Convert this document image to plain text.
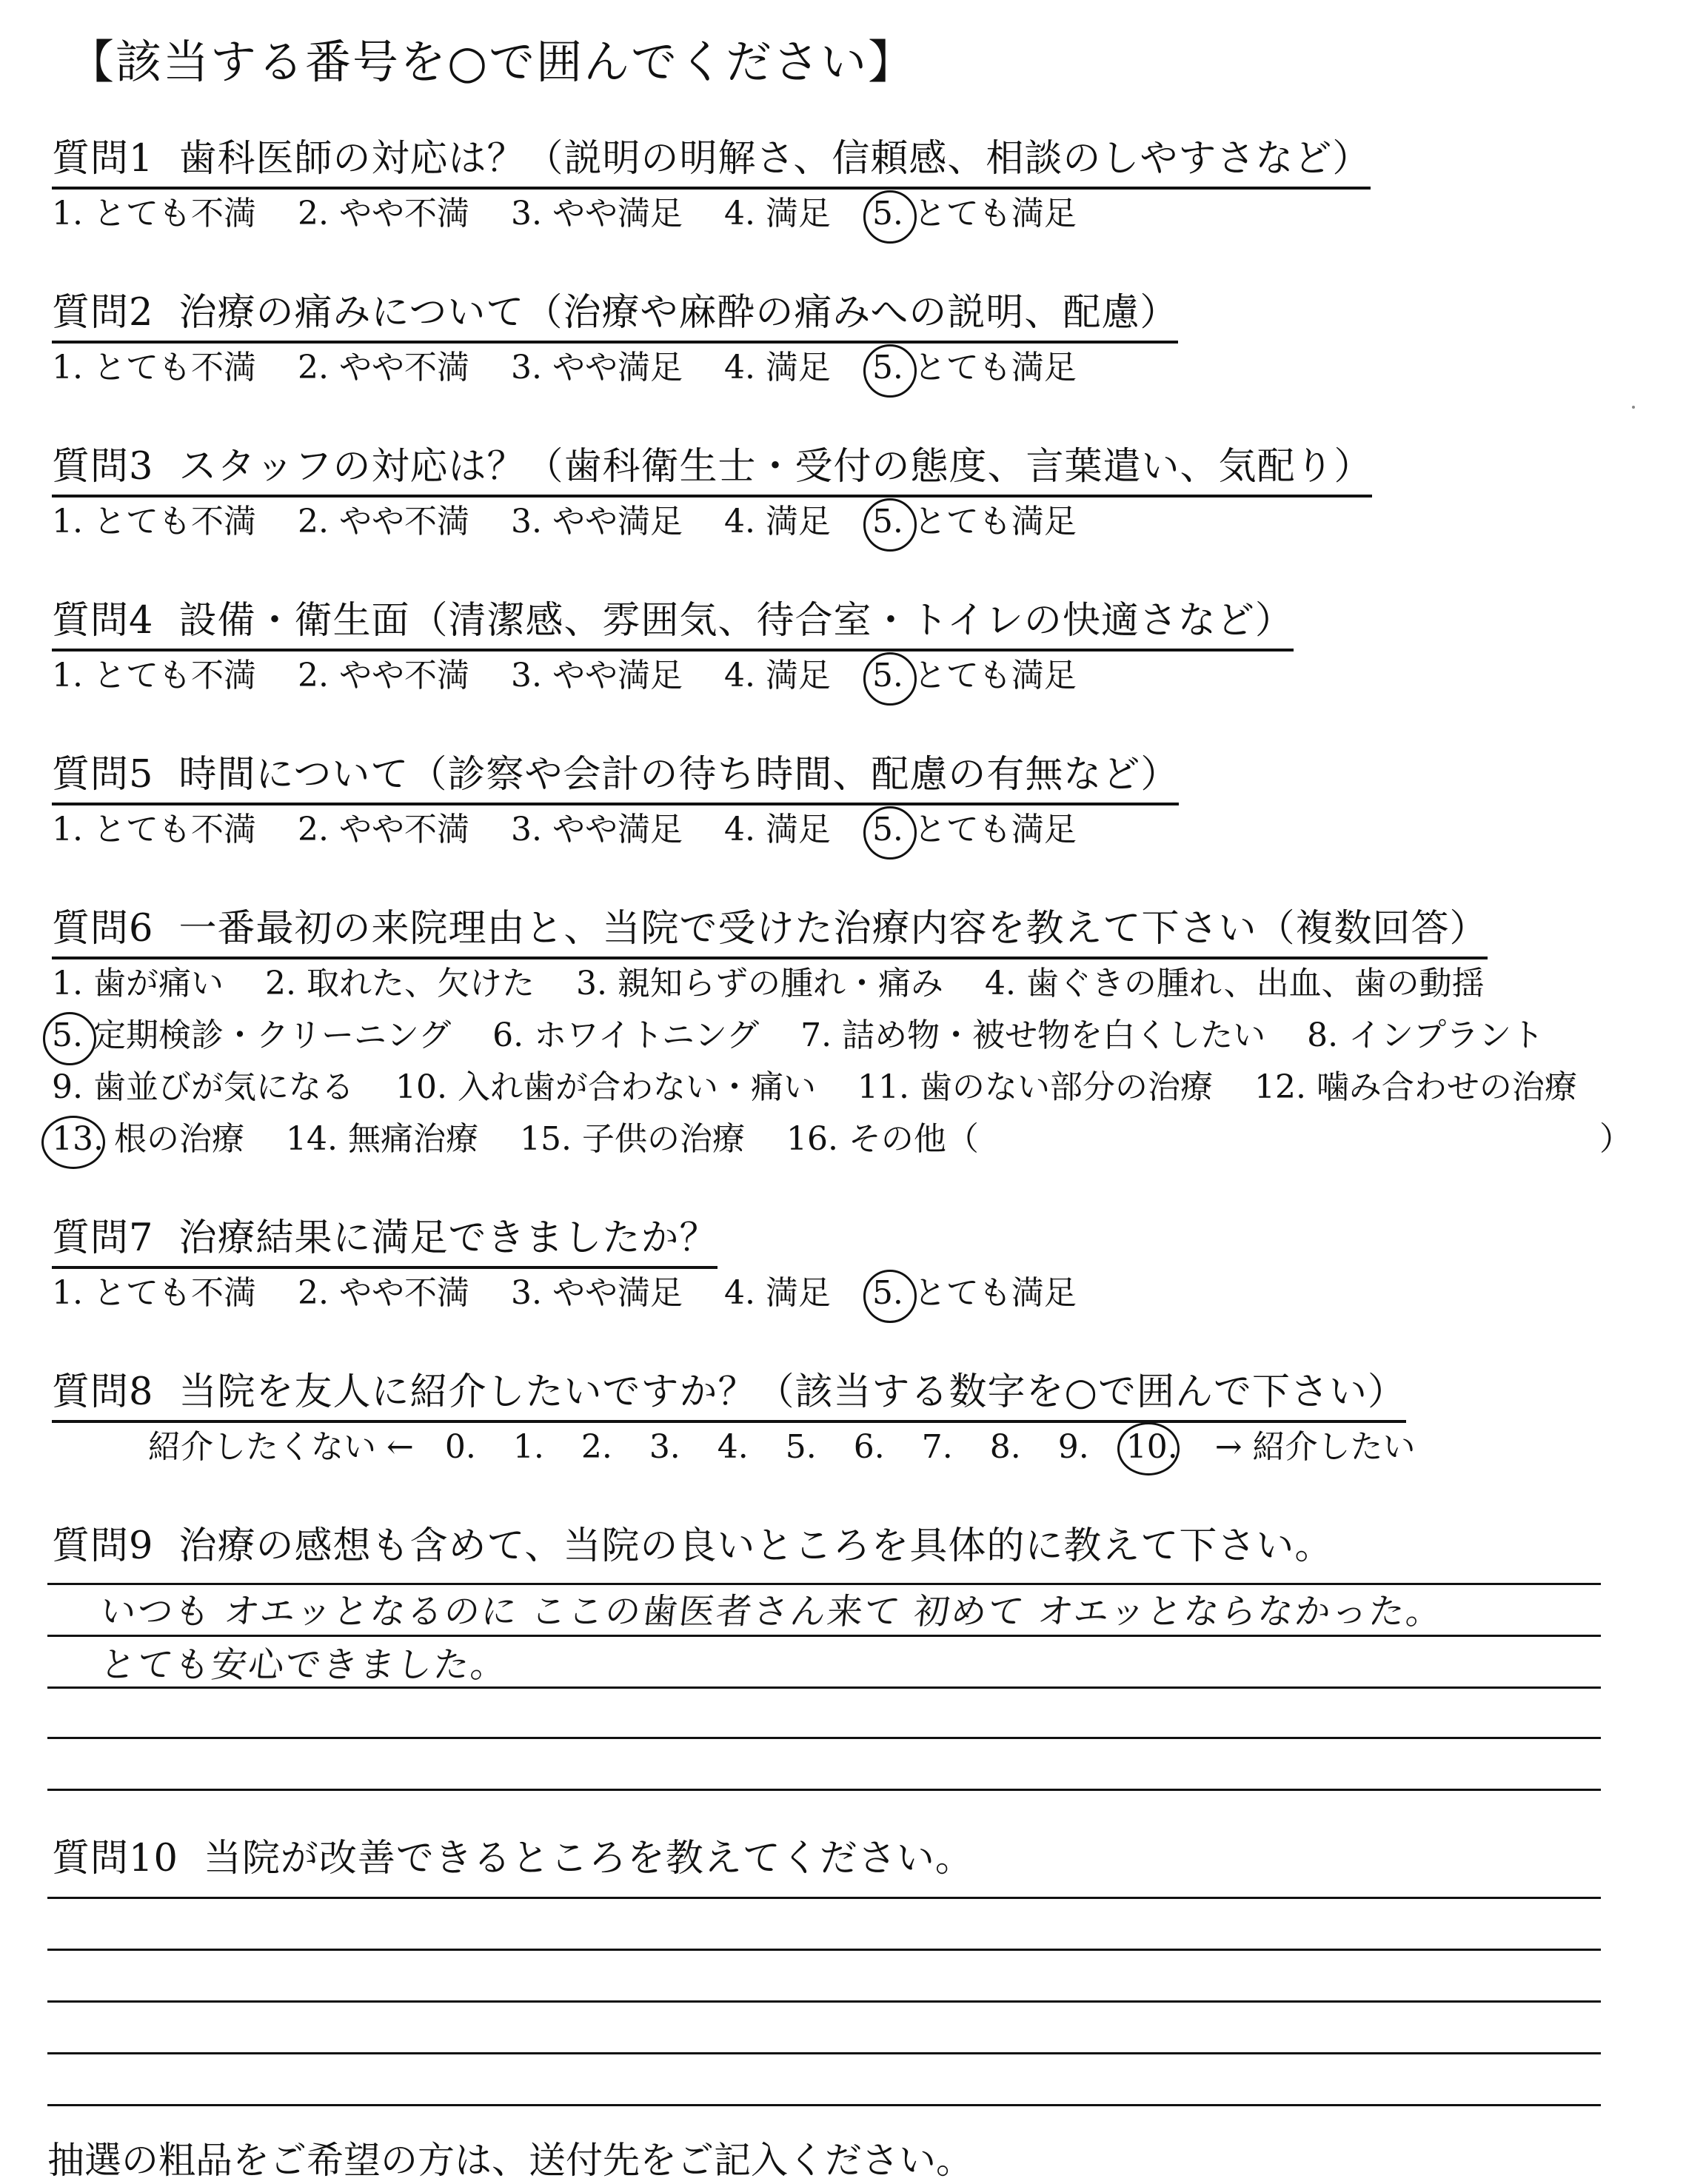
【該当する番号を○で囲んでください】
質問1 歯科医師の対応は？（説明の明解さ、信頼感、相談のしやすさなど）
1. とても不満 2. やや不満 3. やや満足 4. 満足 5. とても満足
質問2 治療の痛みについて（治療や麻酔の痛みへの説明、配慮）
1. とても不満 2. やや不満 3. やや満足 4. 満足 5. とても満足
質問3 スタッフの対応は？（歯科衛生士・受付の態度、言葉遣い、気配り）
1. とても不満 2. やや不満 3. やや満足 4. 満足 5. とても満足
質問4 設備・衛生面（清潔感、雰囲気、待合室・トイレの快適さなど）
1. とても不満 2. やや不満 3. やや満足 4. 満足 5. とても満足
質問5 時間について（診察や会計の待ち時間、配慮の有無など）
1. とても不満 2. やや不満 3. やや満足 4. 満足 5. とても満足
質問6 一番最初の来院理由と、当院で受けた治療内容を教えて下さい（複数回答）
1. 歯が痛い 2. 取れた、欠けた 3. 親知らずの腫れ・痛み 4. 歯ぐきの腫れ、出血、歯の動揺
5. 定期検診・クリーニング 6. ホワイトニング 7. 詰め物・被せ物を白くしたい 8. インプラント
9. 歯並びが気になる 10. 入れ歯が合わない・痛い 11. 歯のない部分の治療 12. 噛み合わせの治療
13. 根の治療 14. 無痛治療 15. 子供の治療 16. その他（	）
質問7 治療結果に満足できましたか？
1. とても不満 2. やや不満 3. やや満足 4. 満足 5. とても満足
質問8 当院を友人に紹介したいですか？（該当する数字を○で囲んで下さい）
紹介したくない ← 0. 1. 2. 3. 4. 5. 6. 7. 8. 9. 10. → 紹介したい
質問9 治療の感想も含めて、当院の良いところを具体的に教えて下さい。
いつも オエッとなるのに ここの歯医者さん来て 初めて オエッとならなかった。
とても安心できました。
質問10 当院が改善できるところを教えてください。
抽選の粗品をご希望の方は、送付先をご記入ください。
